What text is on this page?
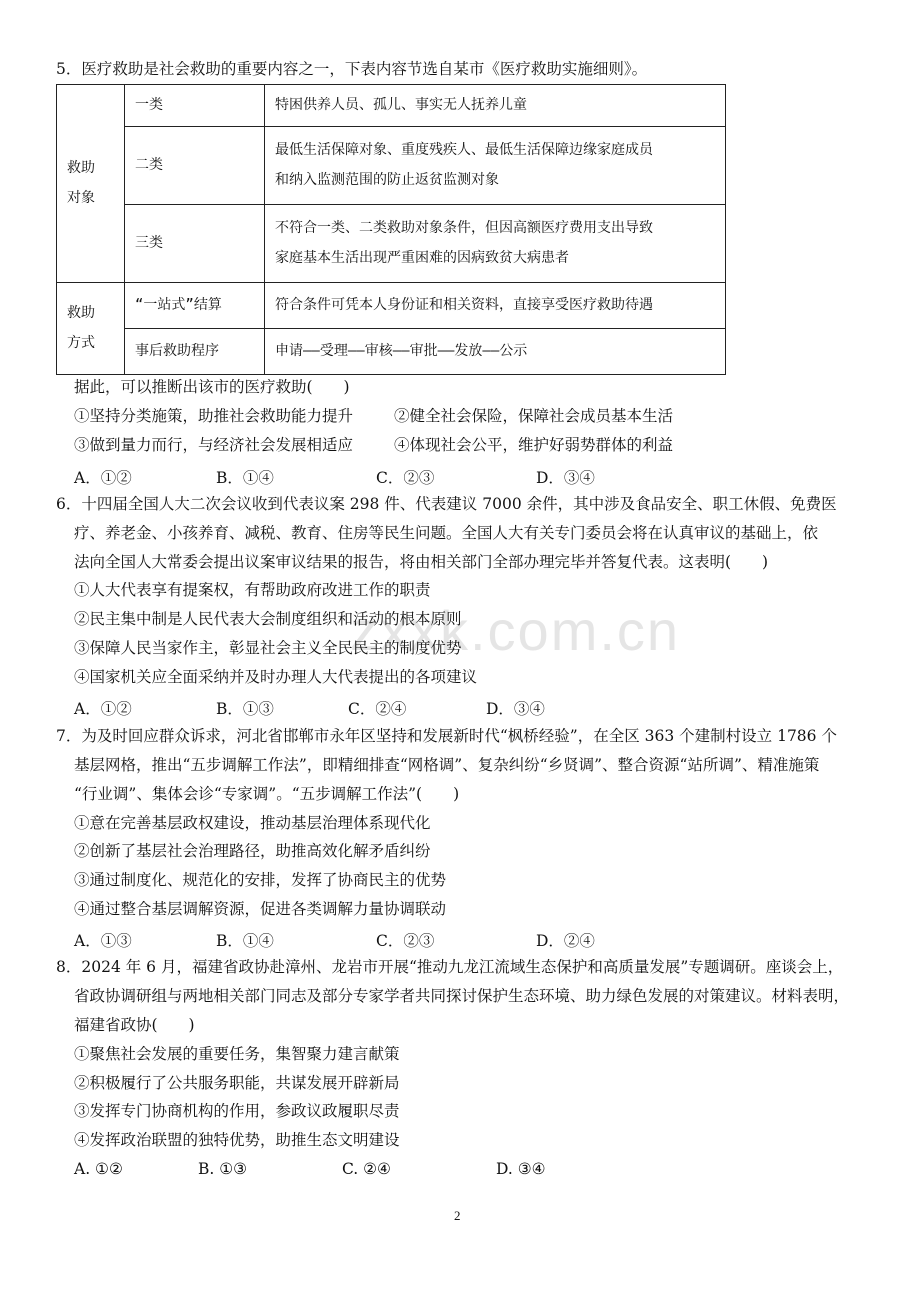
zxxk.com.cn
5．医疗救助是社会救助的重要内容之一，下表内容节选自某市《医疗救助实施细则》。
救助
对象	一类	特困供养人员、孤儿、事实无人抚养儿童
	二类	最低生活保障对象、重度残疾人、最低生活保障边缘家庭成员
和纳入监测范围的防止返贫监测对象
	三类	不符合一类、二类救助对象条件，但因高额医疗费用支出导致
家庭基本生活出现严重困难的因病致贫大病患者
救助
方式	“一站式”结算	符合条件可凭本人身份证和相关资料，直接享受医疗救助待遇
	事后救助程序	申请——受理——审核——审批——发放——公示
据此，可以推断出该市的医疗救助(　　)
①坚持分类施策，助推社会救助能力提升	②健全社会保险，保障社会成员基本生活
③做到量力而行，与经济社会发展相适应	④体现社会公平，维护好弱势群体的利益
A．①②	B．①④	C．②③	D．③④
6．十四届全国人大二次会议收到代表议案 298 件、代表建议 7000 余件，其中涉及食品安全、职工休假、免费医
疗、养老金、小孩养育、减税、教育、住房等民生问题。全国人大有关专门委员会将在认真审议的基础上，依
法向全国人大常委会提出议案审议结果的报告，将由相关部门全部办理完毕并答复代表。这表明(　　)
①人大代表享有提案权，有帮助政府改进工作的职责
②民主集中制是人民代表大会制度组织和活动的根本原则
③保障人民当家作主，彰显社会主义全民民主的制度优势
④国家机关应全面采纳并及时办理人大代表提出的各项建议
A．①②	B．①③	C．②④	D．③④
7．为及时回应群众诉求，河北省邯郸市永年区坚持和发展新时代“枫桥经验”，在全区 363 个建制村设立 1786 个
基层网格，推出“五步调解工作法”，即精细排查“网格调”、复杂纠纷“乡贤调”、整合资源“站所调”、精准施策
“行业调”、集体会诊“专家调”。“五步调解工作法”(　　)
①意在完善基层政权建设，推动基层治理体系现代化
②创新了基层社会治理路径，助推高效化解矛盾纠纷
③通过制度化、规范化的安排，发挥了协商民主的优势
④通过整合基层调解资源，促进各类调解力量协调联动
A．①③	B．①④	C．②③	D．②④
8．2024 年 6 月，福建省政协赴漳州、龙岩市开展“推动九龙江流域生态保护和高质量发展”专题调研。座谈会上，
省政协调研组与两地相关部门同志及部分专家学者共同探讨保护生态环境、助力绿色发展的对策建议。材料表明，
福建省政协(　　)
①聚焦社会发展的重要任务，集智聚力建言献策
②积极履行了公共服务职能，共谋发展开辟新局
③发挥专门协商机构的作用，参政议政履职尽责
④发挥政治联盟的独特优势，助推生态文明建设
A. ①②	B. ①③	C. ②④	D. ③④
2
